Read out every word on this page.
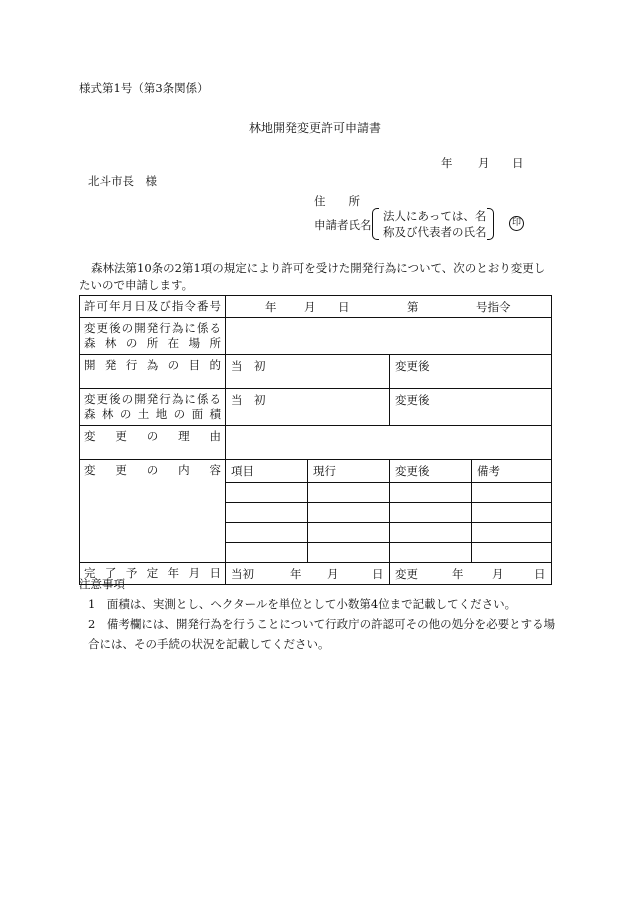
様式第1号（第3条関係）
林地開発変更許可申請書
年 月 日
北斗市長　様
住　　所
申請者氏名
法人にあっては、名
称及び代表者の氏名
印
森林法第10条の2第1項の規定により許可を受けた開発行為について、次のとおり変更したいので申請します。
許可年月日及び指令番号	年 月 日 第 号指令			

変更後の開発行為に係る
森林の所在場所				

開発行為の目的	当　初		変更後	

変更後の開発行為に係る
森林の土地の面積	当　初		変更後	
変更の理由				
変更の内容	項目	現行	変更後	備考

完了予定年月日	当初 年 月 日		変更 年 月 日	
注意事項
1　面積は、実測とし、ヘクタールを単位として小数第4位まで記載してください。
2　備考欄には、開発行為を行うことについて行政庁の許認可その他の処分を必要とする場合には、その手続の状況を記載してください。
